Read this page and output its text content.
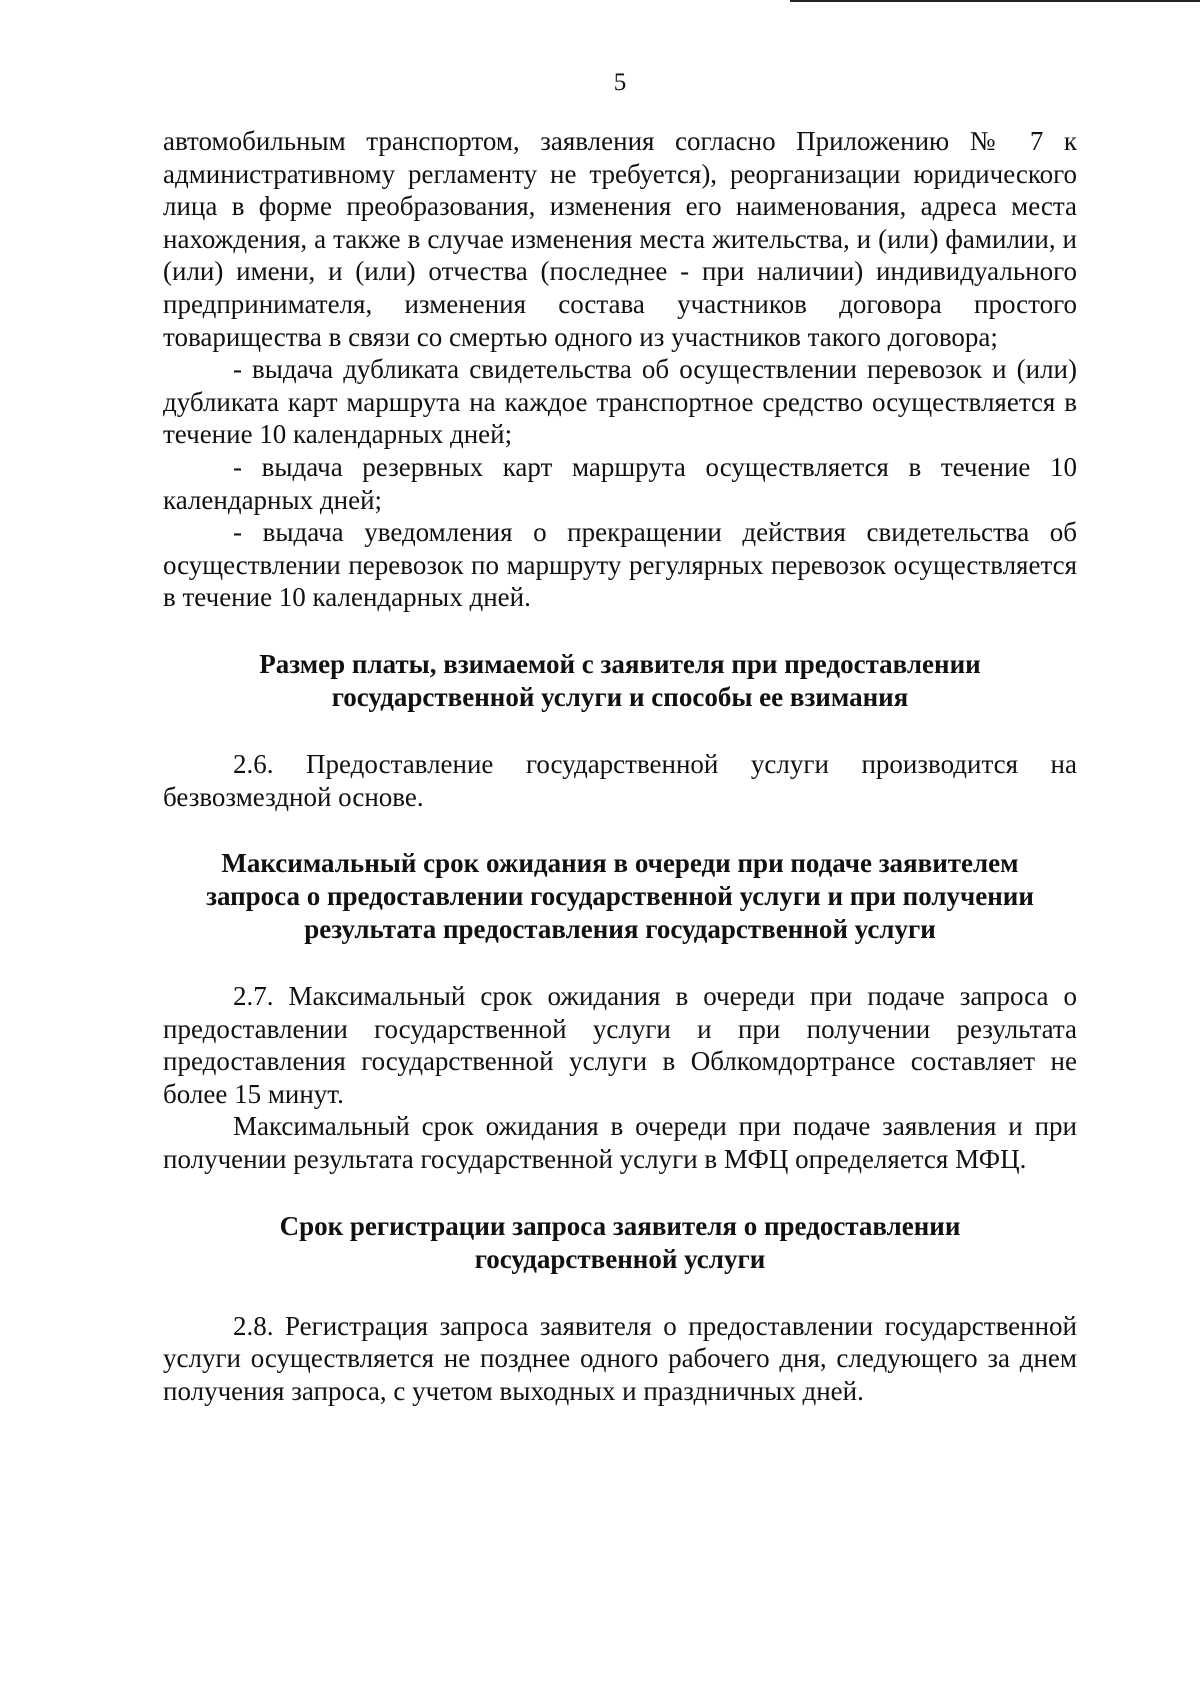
5

автомобильным транспортом, заявления согласно Приложению № 7 к административному регламенту не требуется), реорганизации юридического лица в форме преобразования, изменения его наименования, адреса места нахождения, а также в случае изменения места жительства, и (или) фамилии, и (или) имени, и (или) отчества (последнее - при наличии) индивидуального предпринимателя, изменения состава участников договора простого товарищества в связи со смертью одного из участников такого договора;

- выдача дубликата свидетельства об осуществлении перевозок и (или) дубликата карт маршрута на каждое транспортное средство осуществляется в течение 10 календарных дней;

- выдача резервных карт маршрута осуществляется в течение 10 календарных дней;

- выдача уведомления о прекращении действия свидетельства об осуществлении перевозок по маршруту регулярных перевозок осуществляется в течение 10 календарных дней.

Размер платы, взимаемой с заявителя при предоставлении государственной услуги и способы ее взимания

2.6. Предоставление государственной услуги производится на безвозмездной основе.

Максимальный срок ожидания в очереди при подаче заявителем запроса о предоставлении государственной услуги и при получении результата предоставления государственной услуги

2.7. Максимальный срок ожидания в очереди при подаче запроса о предоставлении государственной услуги и при получении результата предоставления государственной услуги в Облкомдортрансе составляет не более 15 минут.

Максимальный срок ожидания в очереди при подаче заявления и при получении результата государственной услуги в МФЦ определяется МФЦ.

Срок регистрации запроса заявителя о предоставлении государственной услуги

2.8. Регистрация запроса заявителя о предоставлении государственной услуги осуществляется не позднее одного рабочего дня, следующего за днем получения запроса, с учетом выходных и праздничных дней.
